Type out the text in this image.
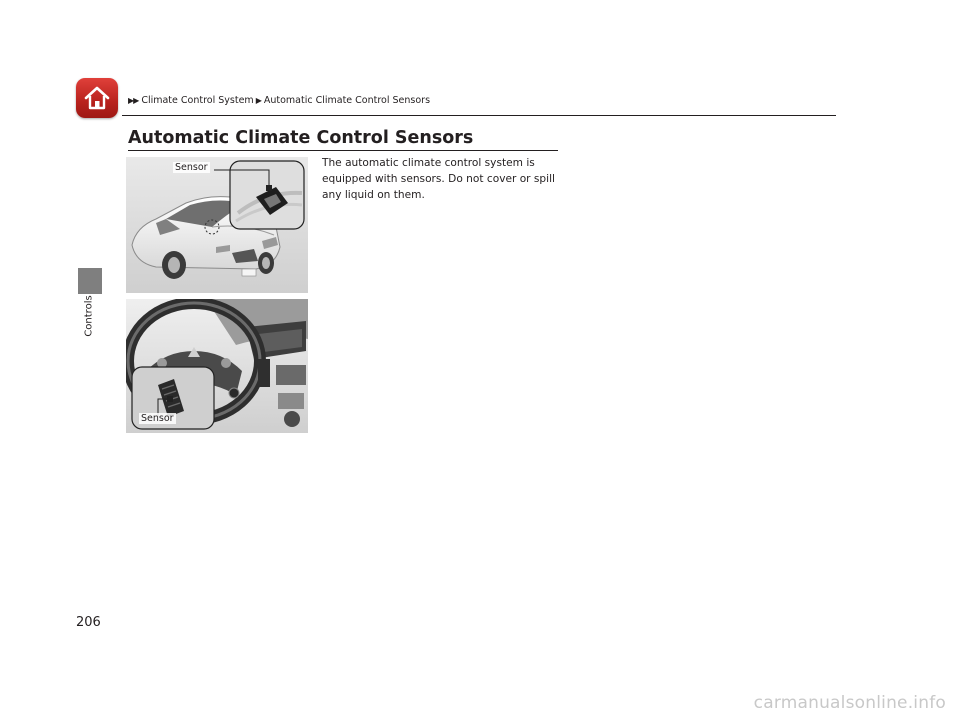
▶▶ Climate Control System ▶ Automatic Climate Control Sensors
Controls
Automatic Climate Control Sensors

The automatic climate control system is equipped with sensors. Do not cover or spill any liquid on them.

Sensor
Sensor
206
carmanualsonline.info
